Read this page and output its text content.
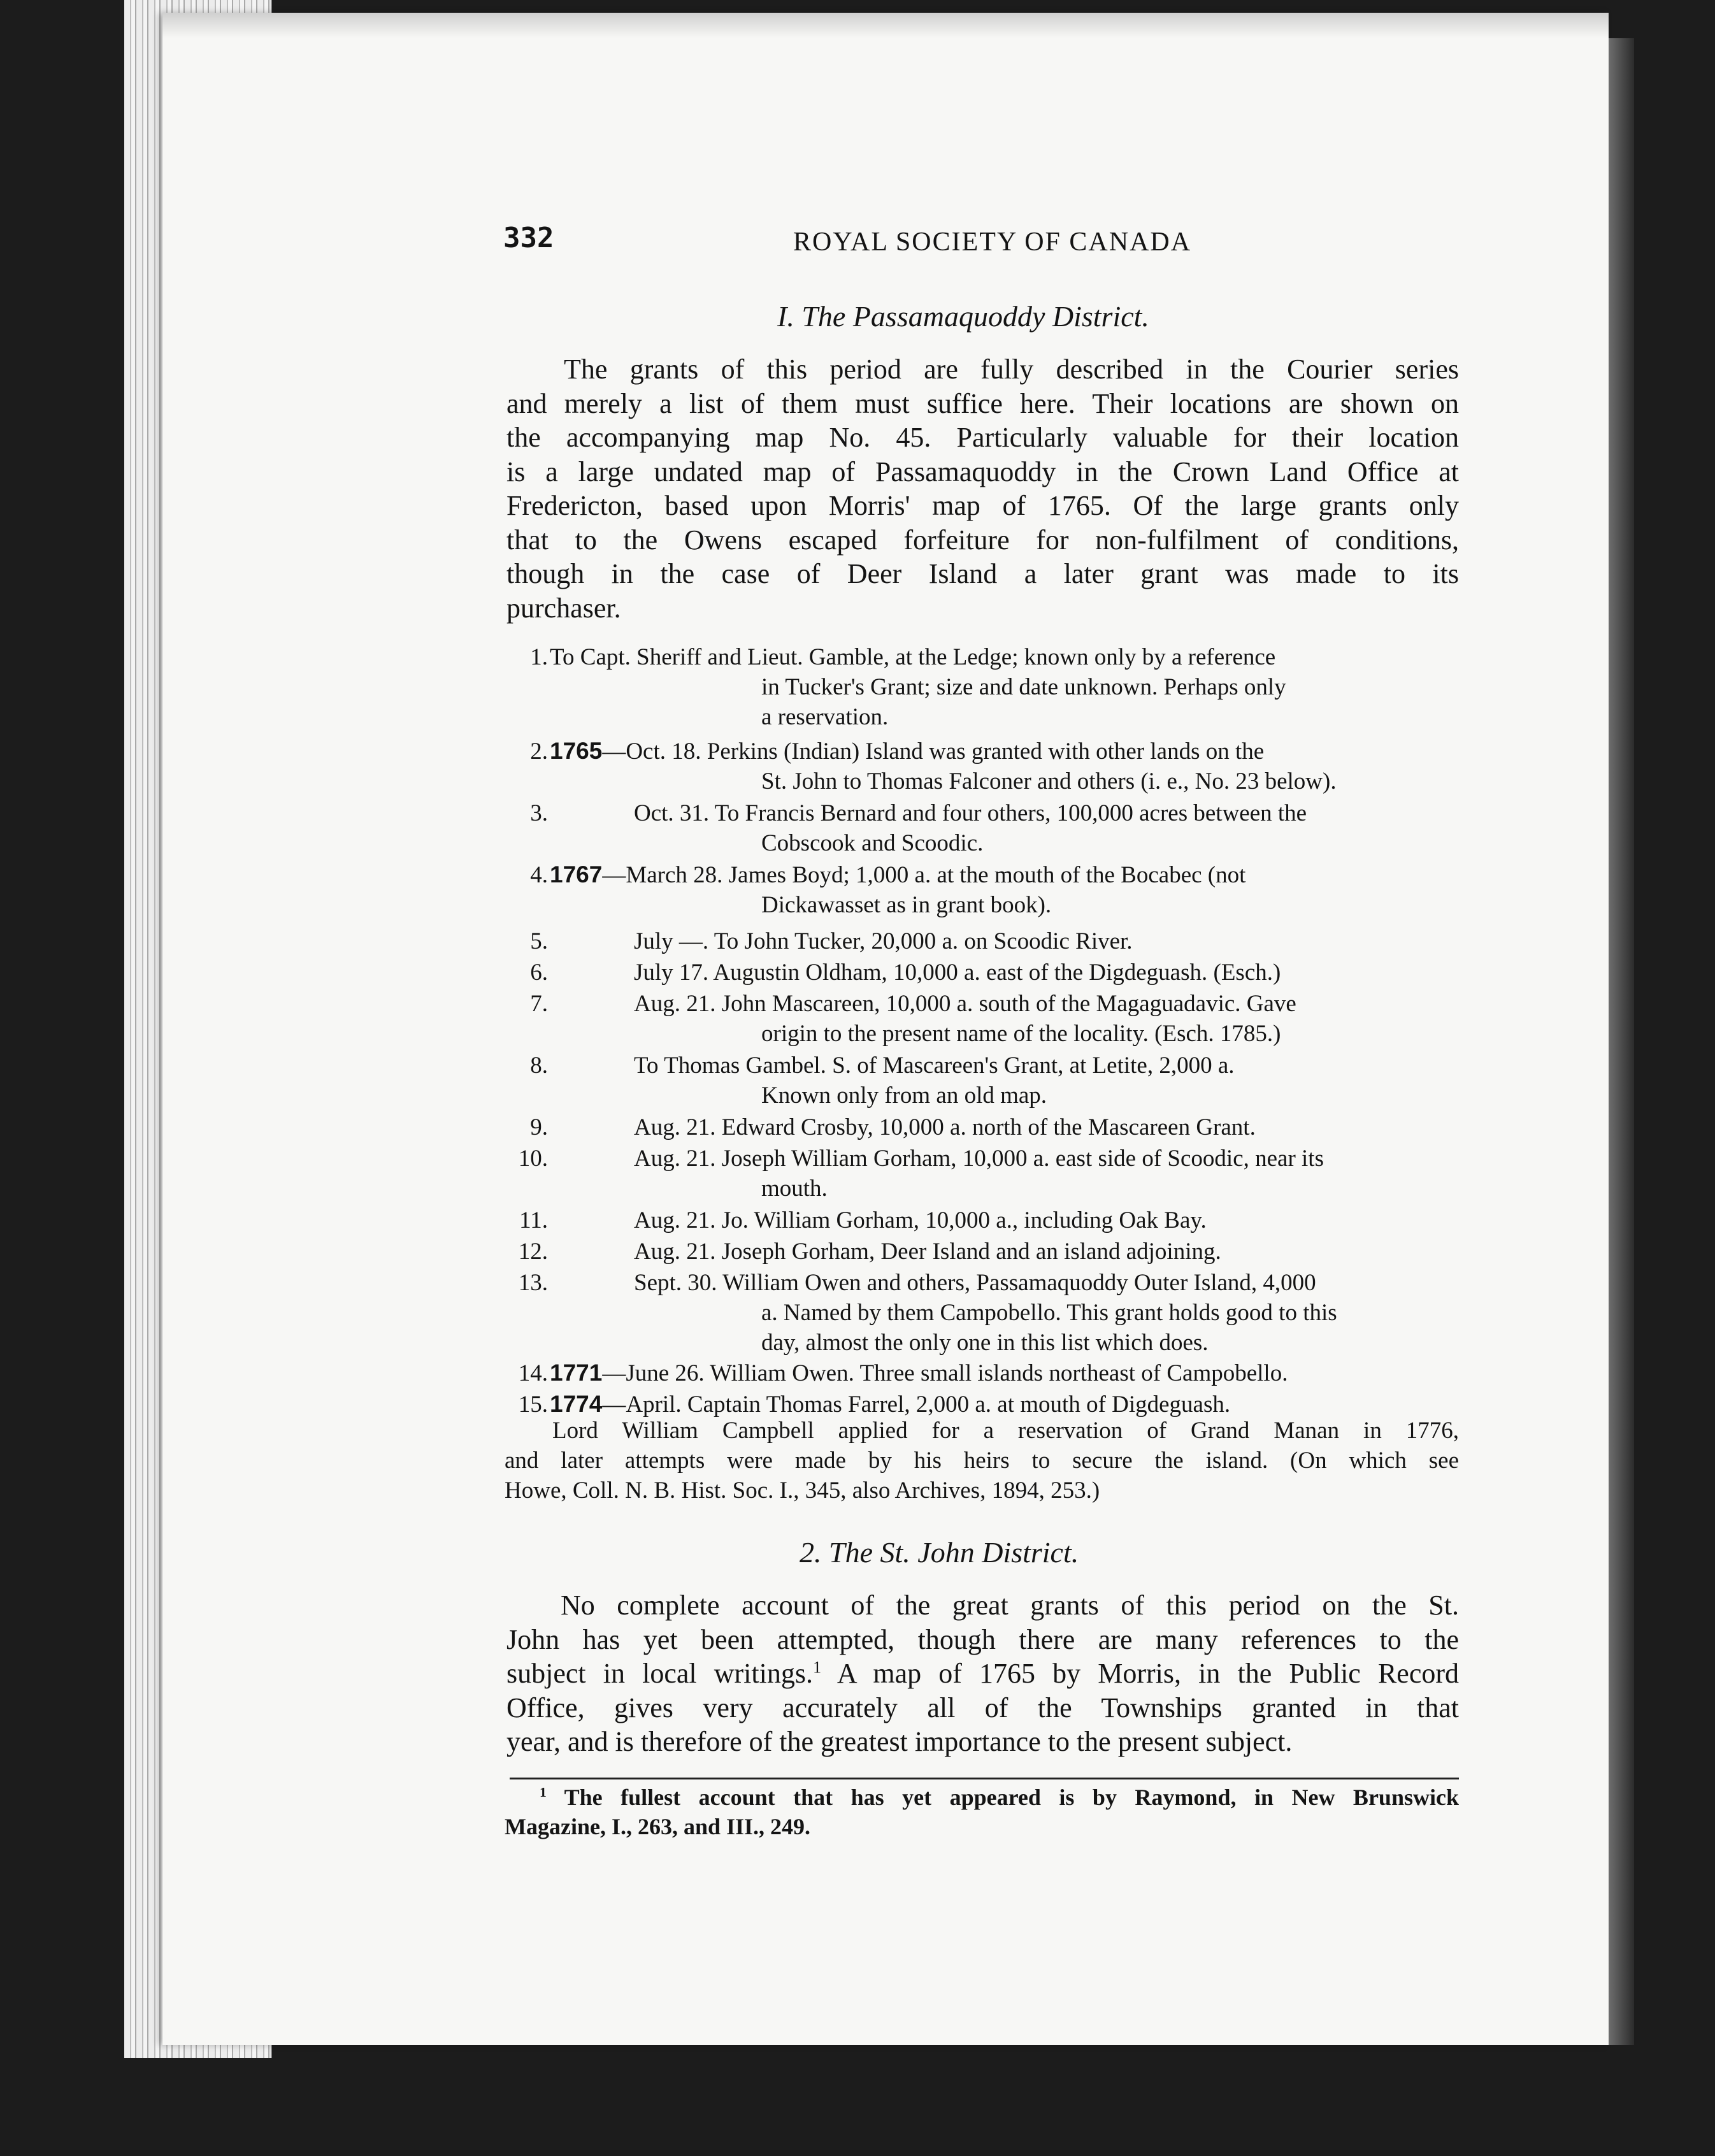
332	ROYAL SOCIETY OF CANADA
I. The Passamaquoddy District.
The grants of this period are fully described in the Courier series
and merely a list of them must suffice here. Their locations are shown on
the accompanying map No. 45. Particularly valuable for their location
is a large undated map of Passamaquoddy in the Crown Land Office at
Fredericton, based upon Morris' map of 1765. Of the large grants only
that to the Owens escaped forfeiture for non-fulfilment of conditions,
though in the case of Deer Island a later grant was made to its
purchaser.
1. To Capt. Sheriff and Lieut. Gamble, at the Ledge; known only by a reference
in Tucker's Grant; size and date unknown. Perhaps only
a reservation.
2. 1765—Oct. 18. Perkins (Indian) Island was granted with other lands on the
St. John to Thomas Falconer and others (i. e., No. 23 below).
3.	Oct. 31. To Francis Bernard and four others, 100,000 acres between the
Cobscook and Scoodic.
4. 1767—March 28. James Boyd; 1,000 a. at the mouth of the Bocabec (not
Dickawasset as in grant book).
5.	July —. To John Tucker, 20,000 a. on Scoodic River.
6.	July 17. Augustin Oldham, 10,000 a. east of the Digdeguash. (Esch.)
7.	Aug. 21. John Mascareen, 10,000 a. south of the Magaguadavic. Gave
origin to the present name of the locality. (Esch. 1785.)
8.	To Thomas Gambel. S. of Mascareen's Grant, at Letite, 2,000 a.
Known only from an old map.
9.	Aug. 21. Edward Crosby, 10,000 a. north of the Mascareen Grant.
10.	Aug. 21. Joseph William Gorham, 10,000 a. east side of Scoodic, near its
mouth.
11.	Aug. 21. Jo. William Gorham, 10,000 a., including Oak Bay.
12.	Aug. 21. Joseph Gorham, Deer Island and an island adjoining.
13.	Sept. 30. William Owen and others, Passamaquoddy Outer Island, 4,000
a. Named by them Campobello. This grant holds good to this
day, almost the only one in this list which does.
14. 1771—June 26. William Owen. Three small islands northeast of Campobello.
15. 1774—April. Captain Thomas Farrel, 2,000 a. at mouth of Digdeguash.
Lord William Campbell applied for a reservation of Grand Manan in 1776,
and later attempts were made by his heirs to secure the island. (On which see
Howe, Coll. N. B. Hist. Soc. I., 345, also Archives, 1894, 253.)
2. The St. John District.
No complete account of the great grants of this period on the St.
John has yet been attempted, though there are many references to the
subject in local writings.$^1$ A map of 1765 by Morris, in the Public Record
Office, gives very accurately all of the Townships granted in that
year, and is therefore of the greatest importance to the present subject.
$^1$ The fullest account that has yet appeared is by Raymond, in New Brunswick
Magazine, I., 263, and III., 249.
